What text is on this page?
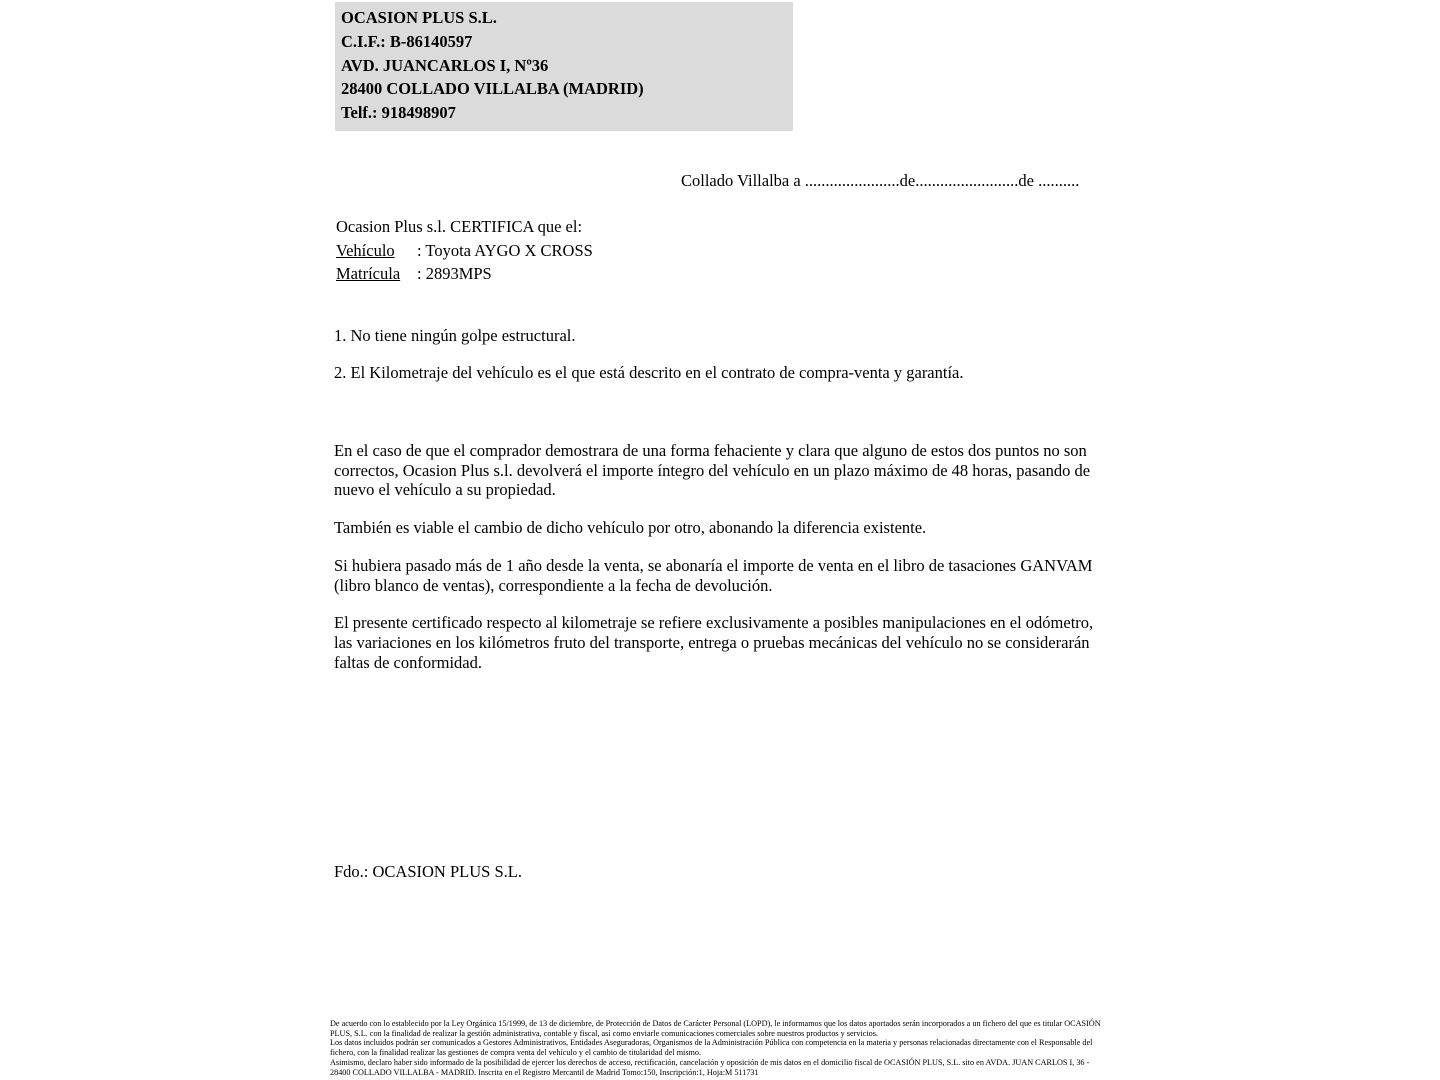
OCASION PLUS S.L.
C.I.F.: B-86140597
AVD. JUANCARLOS I, Nº36
28400 COLLADO VILLALBA (MADRID)
Telf.: 918498907
Collado Villalba a .......................de.........................de ..........
Ocasion Plus s.l. CERTIFICA que el:
Vehículo : Toyota AYGO X CROSS
Matrícula : 2893MPS
1. No tiene ningún golpe estructural.
2. El Kilometraje del vehículo es el que está descrito en el contrato de compra-venta y garantía.

En el caso de que el comprador demostrara de una forma fehaciente y clara que alguno de estos dos puntos no son correctos, Ocasion Plus s.l. devolverá el importe íntegro del vehículo en un plazo máximo de 48 horas, pasando de nuevo el vehículo a su propiedad.

También es viable el cambio de dicho vehículo por otro, abonando la diferencia existente.

Si hubiera pasado más de 1 año desde la venta, se abonaría el importe de venta en el libro de tasaciones GANVAM (libro blanco de ventas), correspondiente a la fecha de devolución.

El presente certificado respecto al kilometraje se refiere exclusivamente a posibles manipulaciones en el odómetro, las variaciones en los kilómetros fruto del transporte, entrega o pruebas mecánicas del vehículo no se considerarán faltas de conformidad.

Fdo.: OCASION PLUS S.L.

De acuerdo con lo establecido por la Ley Orgánica 15/1999, de 13 de diciembre, de Protección de Datos de Carácter Personal (LOPD), le informamos que los datos aportados serán incorporados a un fichero del que es titular OCASIÓN PLUS, S.L. con la finalidad de realizar la gestión administrativa, contable y fiscal, así como enviarle comunicaciones comerciales sobre nuestros productos y servicios.

Los datos incluidos podrán ser comunicados a Gestores Administrativos, Entidades Aseguradoras, Organismos de la Administración Pública con competencia en la materia y personas relacionadas directamente con el Responsable del fichero, con la finalidad realizar las gestiones de compra venta del vehículo y el cambio de titularidad del mismo.

Asimismo, declaro haber sido informado de la posibilidad de ejercer los derechos de acceso, rectificación, cancelación y oposición de mis datos en el domicilio fiscal de OCASIÓN PLUS, S.L. sito en AVDA. JUAN CARLOS I, 36 - 28400 COLLADO VILLALBA - MADRID. Inscrita en el Registro Mercantil de Madrid Tomo:150, Inscripción:1, Hoja:M 511731
